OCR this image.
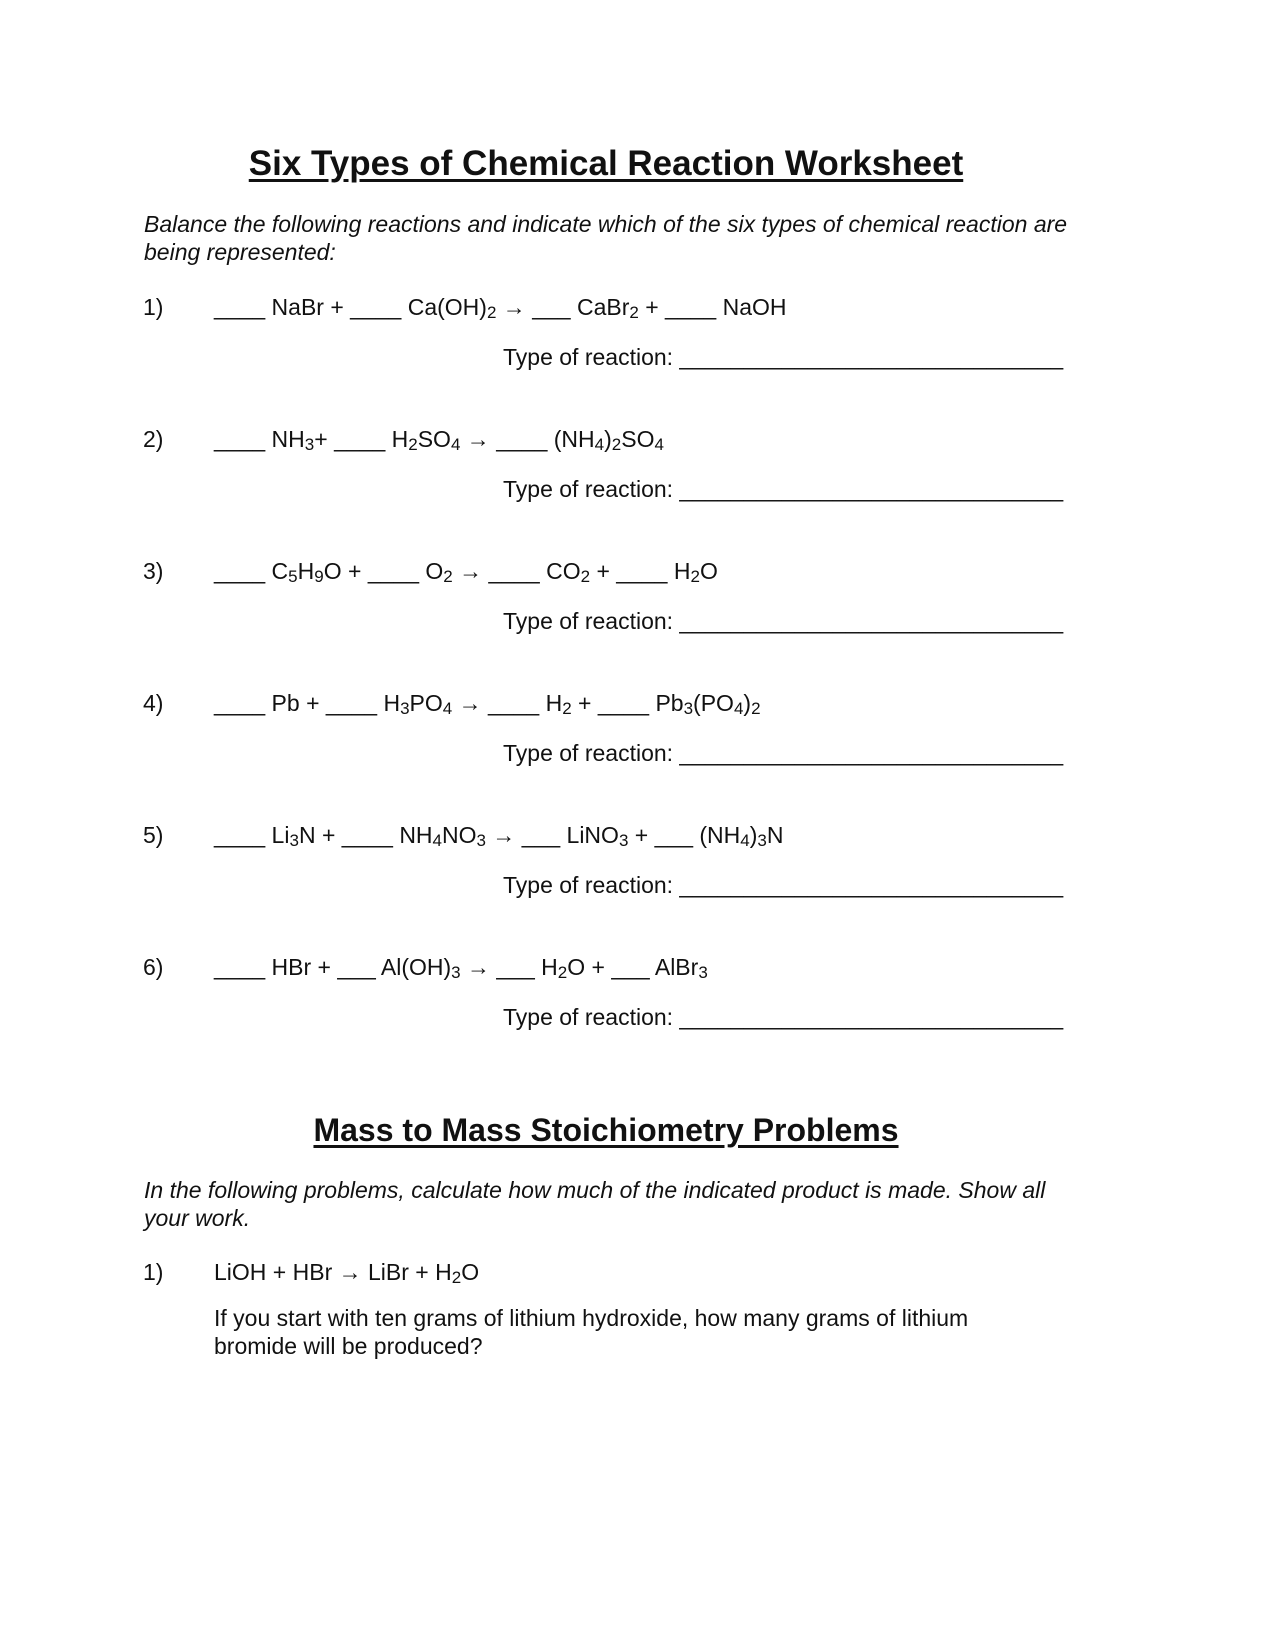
Six Types of Chemical Reaction Worksheet
Balance the following reactions and indicate which of the six types of chemical reaction are being represented:
1) ____ NaBr + ____ $Ca(OH)_2$ → ___ CaBr$_2$ + ____ NaOH
Type of reaction: ______________________________
2) ____ $NH_3+$ ____ $H_2SO_4$ → ____ $(NH_4)_2SO_4$
Type of reaction: ______________________________
3) ____ $C_5H_9O$ + ____ $O_2$ → ____ $CO_2$ + ____ $H_2O$
Type of reaction: ______________________________
4) ____ Pb + ____ $H_3PO_4$ → ____ $H_2$ + ____ $Pb_3(PO_4)_2$
Type of reaction: ______________________________
5) ____ $Li_3N$ + ____ $NH_4NO_3$ → ___ LiNO$_3$ + ___ $(NH_4)_3N$
Type of reaction: ______________________________
6) ____ HBr + ___ $Al(OH)_3$ → ___ $H_2O$ + ___ AlBr$_3$
Type of reaction: ______________________________
Mass to Mass Stoichiometry Problems
In the following problems, calculate how much of the indicated product is made. Show all your work.
1) LiOH + HBr → LiBr + $H_2O$
If you start with ten grams of lithium hydroxide, how many grams of lithium bromide will be produced?
